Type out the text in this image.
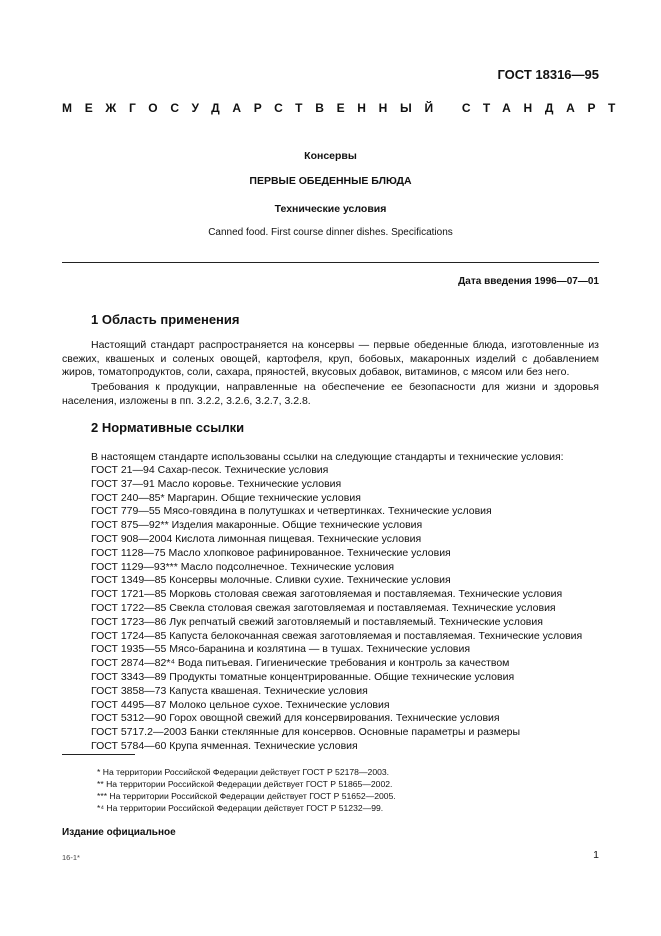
ГОСТ 18316—95
МЕЖГОСУДАРСТВЕННЫЙ СТАНДАРТ
Консервы
ПЕРВЫЕ ОБЕДЕННЫЕ БЛЮДА
Технические условия
Canned food. First course dinner dishes. Specifications
Дата введения 1996—07—01
1 Область применения

Настоящий стандарт распространяется на консервы — первые обеденные блюда, изготовленные из свежих, квашеных и соленых овощей, картофеля, круп, бобовых, макаронных изделий с добавлением жиров, томатопродуктов, соли, сахара, пряностей, вкусовых добавок, витаминов, с мясом или без него.

Требования к продукции, направленные на обеспечение ее безопасности для жизни и здоровья населения, изложены в пп. 3.2.2, 3.2.6, 3.2.7, 3.2.8.

2 Нормативные ссылки
В настоящем стандарте использованы ссылки на следующие стандарты и технические условия:
ГОСТ 21—94 Сахар-песок. Технические условия
ГОСТ 37—91 Масло коровье. Технические условия
ГОСТ 240—85* Маргарин. Общие технические условия
ГОСТ 779—55 Мясо-говядина в полутушках и четвертинках. Технические условия
ГОСТ 875—92** Изделия макаронные. Общие технические условия
ГОСТ 908—2004 Кислота лимонная пищевая. Технические условия
ГОСТ 1128—75 Масло хлопковое рафинированное. Технические условия
ГОСТ 1129—93*** Масло подсолнечное. Технические условия
ГОСТ 1349—85 Консервы молочные. Сливки сухие. Технические условия
ГОСТ 1721—85 Морковь столовая свежая заготовляемая и поставляемая. Технические условия
ГОСТ 1722—85 Свекла столовая свежая заготовляемая и поставляемая. Технические условия
ГОСТ 1723—86 Лук репчатый свежий заготовляемый и поставляемый. Технические условия
ГОСТ 1724—85 Капуста белокочанная свежая заготовляемая и поставляемая. Технические условия
ГОСТ 1935—55 Мясо-баранина и козлятина — в тушах. Технические условия
ГОСТ 2874—82*⁴ Вода питьевая. Гигиенические требования и контроль за качеством
ГОСТ 3343—89 Продукты томатные концентрированные. Общие технические условия
ГОСТ 3858—73 Капуста квашеная. Технические условия
ГОСТ 4495—87 Молоко цельное сухое. Технические условия
ГОСТ 5312—90 Горох овощной свежий для консервирования. Технические условия
ГОСТ 5717.2—2003 Банки стеклянные для консервов. Основные параметры и размеры
ГОСТ 5784—60 Крупа ячменная. Технические условия
* На территории Российской Федерации действует ГОСТ Р 52178—2003.
** На территории Российской Федерации действует ГОСТ Р 51865—2002.
*** На территории Российской Федерации действует ГОСТ Р 51652—2005.
*⁴ На территории Российской Федерации действует ГОСТ Р 51232—99.
Издание официальное
16-1*	1
